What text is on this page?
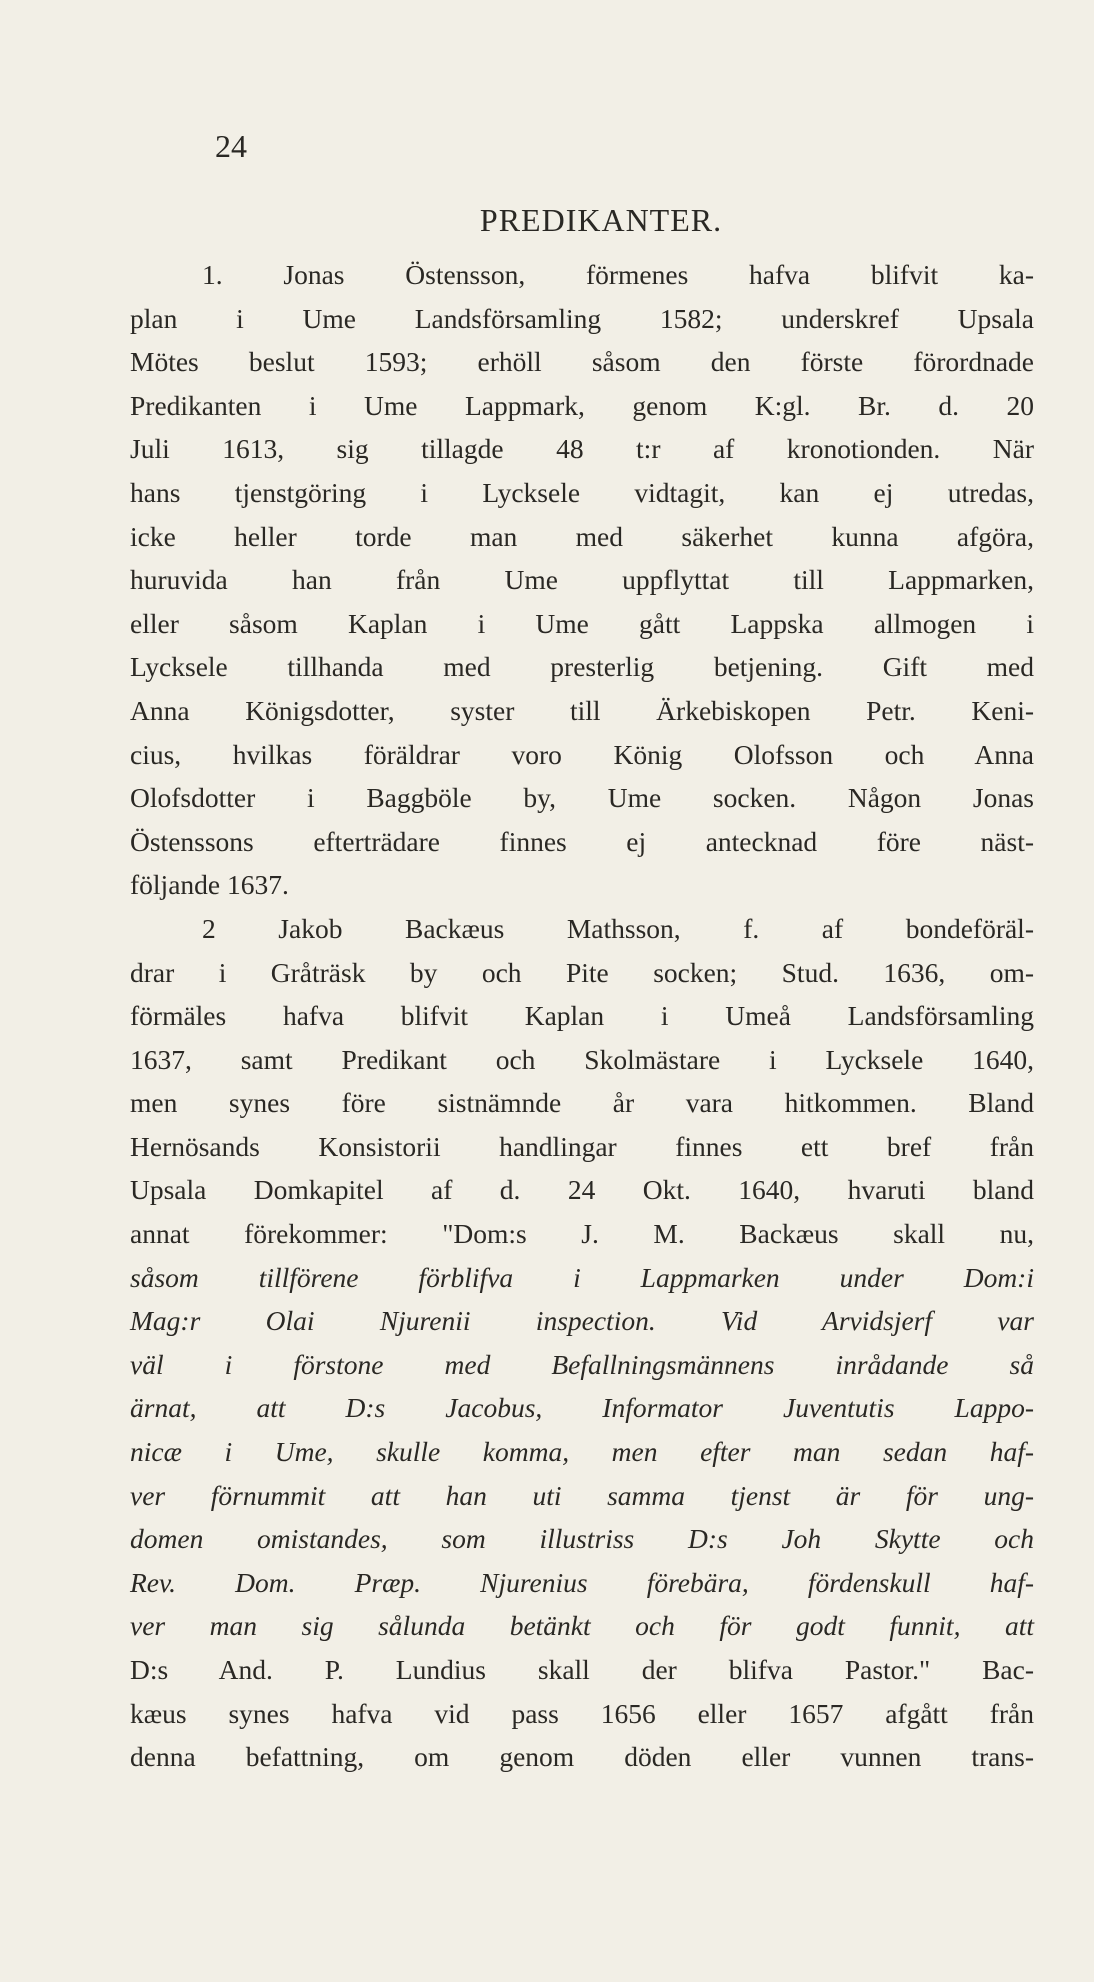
24
PREDIKANTER.
1. Jonas Östensson, förmenes hafva blifvit ka-
plan i Ume Landsförsamling 1582; underskref Upsala
Mötes beslut 1593; erhöll såsom den förste förordnade
Predikanten i Ume Lappmark, genom K:gl. Br. d. 20
Juli 1613, sig tillagde 48 t:r af kronotionden. När
hans tjenstgöring i Lycksele vidtagit, kan ej utredas,
icke heller torde man med säkerhet kunna afgöra,
huruvida han från Ume uppflyttat till Lappmarken,
eller såsom Kaplan i Ume gått Lappska allmogen i
Lycksele tillhanda med presterlig betjening. Gift med
Anna Königsdotter, syster till Ärkebiskopen Petr. Keni-
cius, hvilkas föräldrar voro König Olofsson och Anna
Olofsdotter i Baggböle by, Ume socken. Någon Jonas
Östenssons efterträdare finnes ej antecknad före näst-
följande 1637.
2 Jakob Backæus Mathsson, f. af bondeföräl-
drar i Gråträsk by och Pite socken; Stud. 1636, om-
förmäles hafva blifvit Kaplan i Umeå Landsförsamling
1637, samt Predikant och Skolmästare i Lycksele 1640,
men synes före sistnämnde år vara hitkommen. Bland
Hernösands Konsistorii handlingar finnes ett bref från
Upsala Domkapitel af d. 24 Okt. 1640, hvaruti bland
annat förekommer: "Dom:s J. M. Backæus skall nu,
såsom tillförene förblifva i Lappmarken under Dom:i
Mag:r Olai Njurenii inspection. Vid Arvidsjerf var
väl i förstone med Befallningsmännens inrådande så
ärnat, att D:s Jacobus, Informator Juventutis Lappo-
nicæ i Ume, skulle komma, men efter man sedan haf-
ver förnummit att han uti samma tjenst är för ung-
domen omistandes, som illustriss D:s Joh Skytte och
Rev. Dom. Præp. Njurenius förebära, fördenskull haf-
ver man sig sålunda betänkt och för godt funnit, att
D:s And. P. Lundius skall der blifva Pastor." Bac-
kæus synes hafva vid pass 1656 eller 1657 afgått från
denna befattning, om genom döden eller vunnen trans-
